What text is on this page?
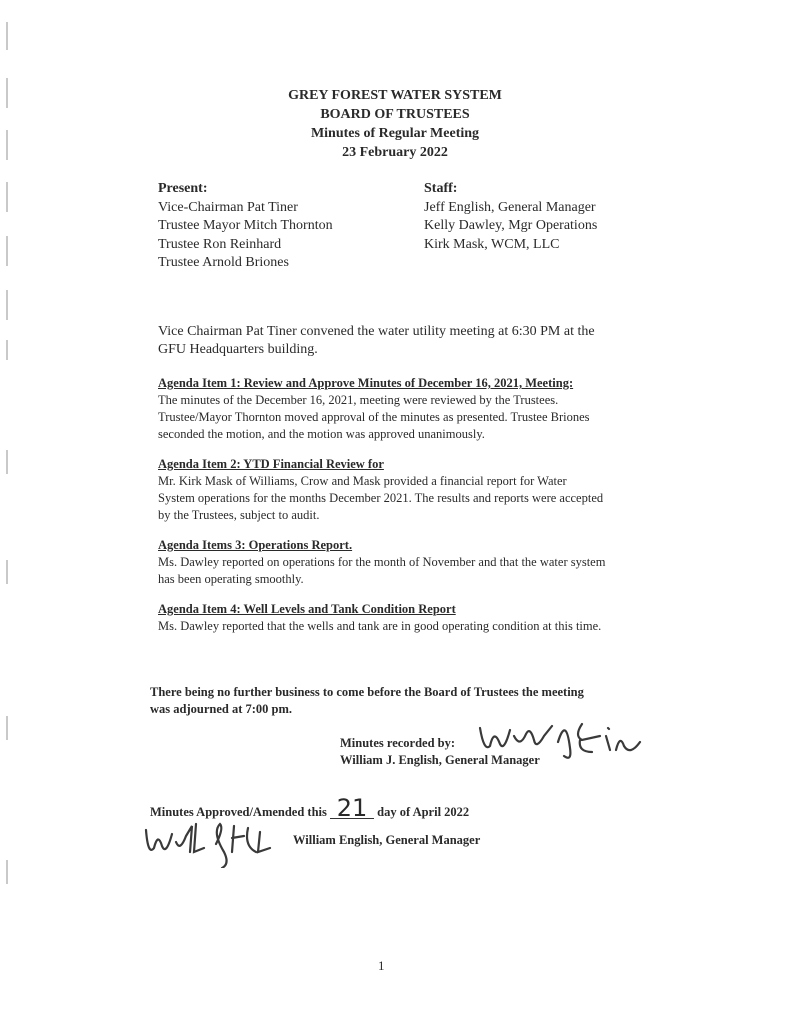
GREY FOREST WATER SYSTEM
BOARD OF TRUSTEES
Minutes of Regular Meeting
23 February 2022
Present:
Vice-Chairman Pat Tiner
Trustee Mayor Mitch Thornton
Trustee Ron Reinhard
Trustee Arnold Briones
Staff:
Jeff English, General Manager
Kelly Dawley, Mgr Operations
Kirk Mask, WCM, LLC
Vice Chairman Pat Tiner convened the water utility meeting at 6:30 PM at the
GFU Headquarters building.
Agenda Item 1: Review and Approve Minutes of December 16, 2021, Meeting:
The minutes of the December 16, 2021, meeting were reviewed by the Trustees.
Trustee/Mayor Thornton moved approval of the minutes as presented. Trustee Briones
seconded the motion, and the motion was approved unanimously.
Agenda Item 2: YTD Financial Review for
Mr. Kirk Mask of Williams, Crow and Mask provided a financial report for Water
System operations for the months December 2021. The results and reports were accepted
by the Trustees, subject to audit.
Agenda Items 3: Operations Report.
Ms. Dawley reported on operations for the month of November and that the water system
has been operating smoothly.
Agenda Item 4: Well Levels and Tank Condition Report
Ms. Dawley reported that the wells and tank are in good operating condition at this time.
There being no further business to come before the Board of Trustees the meeting
was adjourned at 7:00 pm.
Minutes recorded by:
William J. English, General Manager
Minutes Approved/Amended this 21 day of April 2022
William English, General Manager
1
